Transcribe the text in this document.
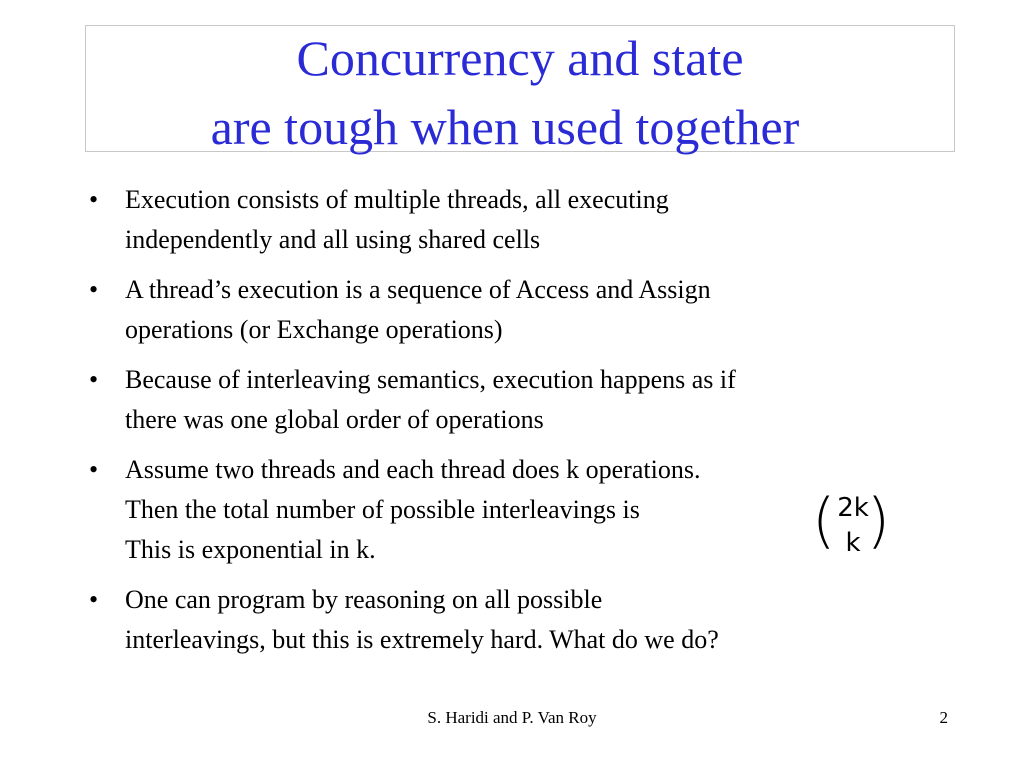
Concurrency and state
are tough when used together
• Execution consists of multiple threads, all executing
independently and all using shared cells
• A thread’s execution is a sequence of Access and Assign
operations (or Exchange operations)
• Because of interleaving semantics, execution happens as if
there was one global order of operations
• Assume two threads and each thread does k operations.
Then the total number of possible interleavings is
This is exponential in k.
• One can program by reasoning on all possible
interleavings, but this is extremely hard. What do we do?
( 2k
k )
S. Haridi and P. Van Roy	2
